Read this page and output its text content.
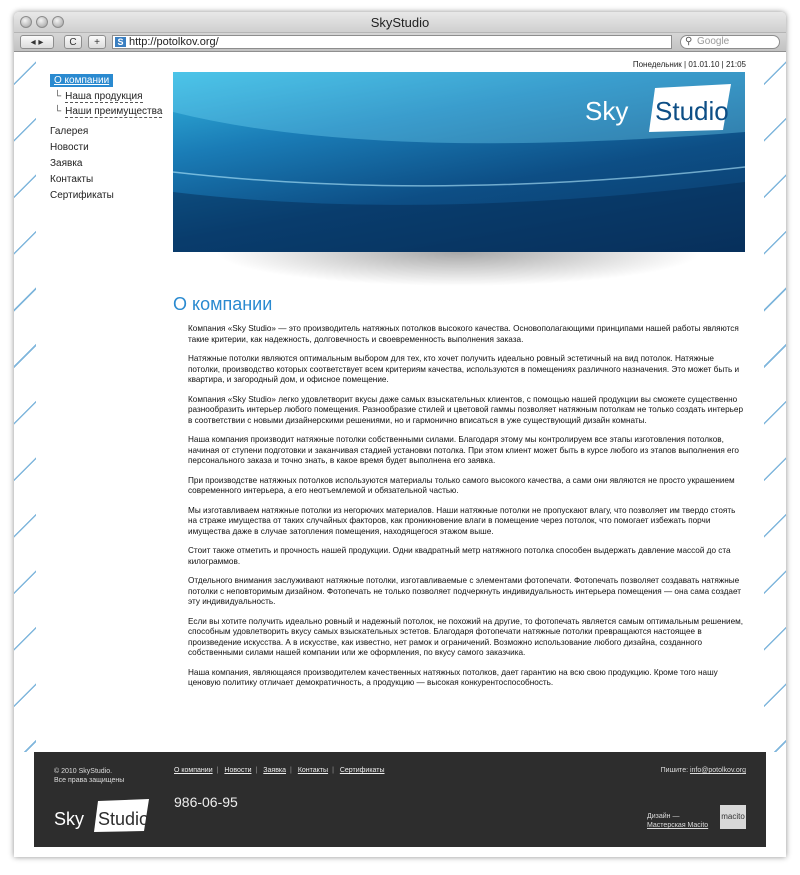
SkyStudio
◂ ▸	C	+	S http://potolkov.org/	⚲ Google
Понедельник | 01.01.10 | 21:05
О компании
└ Наша продукция
└ Наши преимущества
Галерея
Новости
Заявка
Контакты
Сертификаты
Sky Studio
О компании

Компания «Sky Studio» — это производитель натяжных потолков высокого качества. Основополагающими принципами нашей работы являются такие критерии, как надежность, долговечность и своевременность выполнения заказа.

Натяжные потолки являются оптимальным выбором для тех, кто хочет получить идеально ровный эстетичный на вид потолок. Натяжные потолки, производство которых соответствует всем критериям качества, используются в помещениях различного назначения. Это может быть и квартира, и загородный дом, и офисное помещение.

Компания «Sky Studio» легко удовлетворит вкусы даже самых взыскательных клиентов, с помощью нашей продукции вы сможете существенно разнообразить интерьер любого помещения. Разнообразие стилей и цветовой гаммы позволяет натяжным потолкам не только создать интерьер в соответствии с новыми дизайнерскими решениями, но и гармонично вписаться в уже существующий дизайн комнаты.

Наша компания производит натяжные потолки собственными силами. Благодаря этому мы контролируем все этапы изготовления потолков, начиная от ступени подготовки и заканчивая стадией установки потолка. При этом клиент может быть в курсе любого из этапов выполнения его персонального заказа и точно знать, в какое время будет выполнена его заявка.

При производстве натяжных потолков используются материалы только самого высокого качества, а сами они являются не просто украшением современного интерьера, а его неотъемлемой и обязательной частью.

Мы изготавливаем натяжные потолки из негорючих материалов. Наши натяжные потолки не пропускают влагу, что позволяет им твердо стоять на страже имущества от таких случайных факторов, как проникновение влаги в помещение через потолок, что помогает избежать порчи имущества даже в случае затопления помещения, находящегося этажом выше.

Стоит также отметить и прочность нашей продукции. Одни квадратный метр натяжного потолка способен выдержать давление массой до ста килограммов.

Отдельного внимания заслуживают натяжные потолки, изготавливаемые с элементами фотопечати. Фотопечать позволяет создавать натяжные потолки с неповторимым дизайном. Фотопечать не только позволяет подчеркнуть индивидуальность интерьера помещения — она сама создает эту индивидуальность.

Если вы хотите получить идеально ровный и надежный потолок, не похожий на другие, то фотопечать является самым оптимальным решением, способным удовлетворить вкусу самых взыскательных эстетов. Благодаря фотопечати натяжные потолки превращаются настоящее в произведение искусства. А в искусстве, как известно, нет рамок и ограничений. Возможно использование любого дизайна, созданного собственными силами нашей компании или же оформления, по вкусу самого заказчика.

Наша компания, являющаяся производителем качественных натяжных потолков, дает гарантию на всю свою продукцию. Кроме того нашу ценовую политику отличает демократичность, а продукцию — высокая конкурентоспособность.

© 2010 SkyStudio.
Все права защищены
О компании | Новости | Заявка | Контакты | Сертификаты
986-06-95
Пишите: info@potolkov.org
Sky Studio	Дизайн —
Мастерская Macito
macito
